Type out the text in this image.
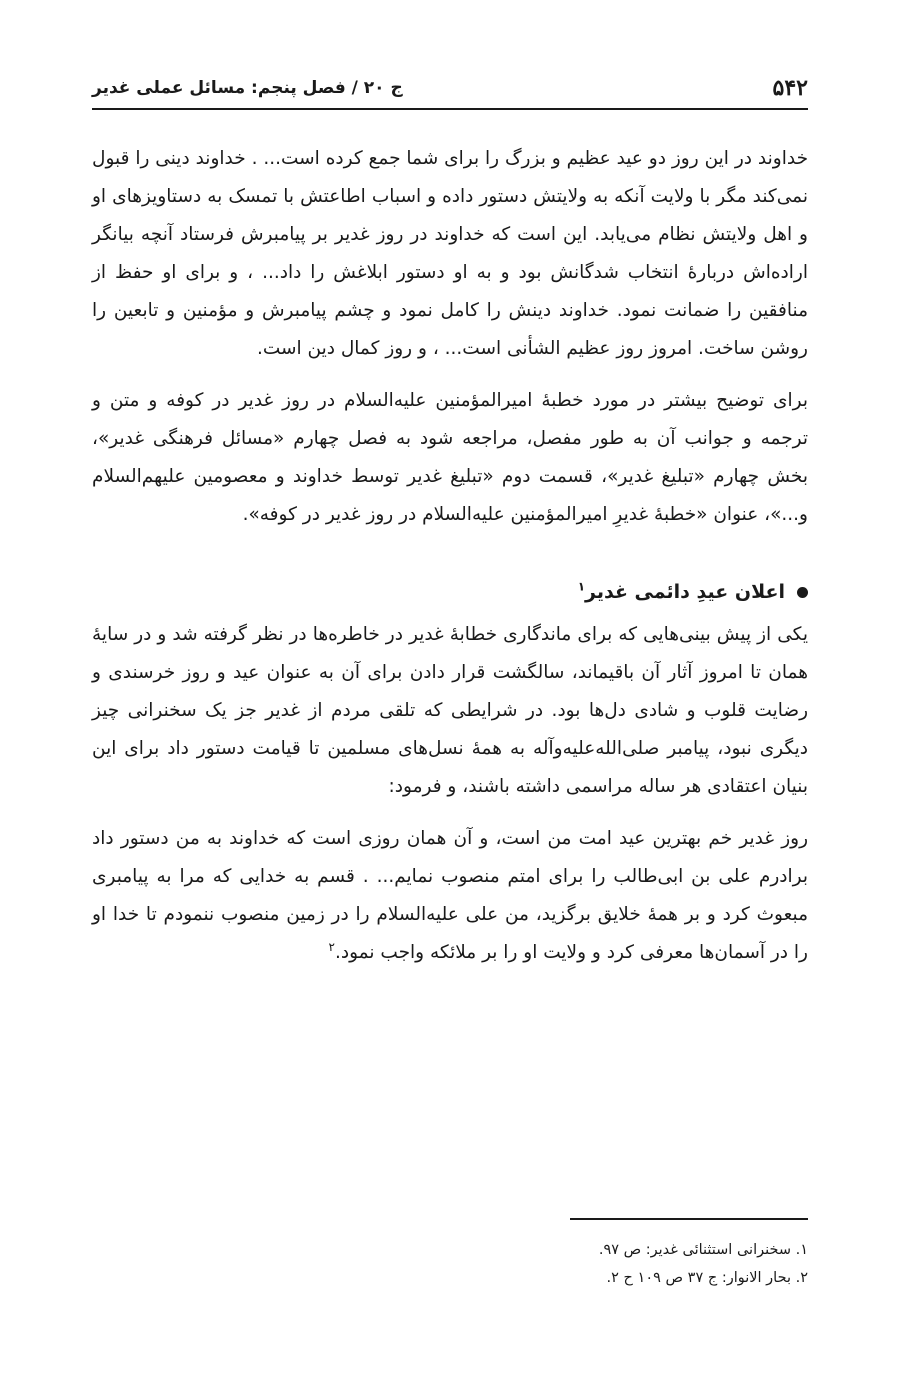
۵۴۲
ج ۲۰ / فصل پنجم: مسائل عملی غدیر

خداوند در این روز دو عید عظیم و بزرگ را برای شما جمع کرده است... . خداوند دینی را قبول نمی‌کند مگر با ولایت آنکه به ولایتش دستور داده و اسباب اطاعتش با تمسک به دستاویزهای او و اهل ولایتش نظام می‌یابد. این است که خداوند در روز غدیر بر پیامبرش فرستاد آنچه بیانگر اراده‌اش دربارهٔ انتخاب شدگانش بود و به او دستور ابلاغش را داد... ، و برای او حفظ از منافقین را ضمانت نمود. خداوند دینش را کامل نمود و چشم پیامبرش و مؤمنین و تابعین را روشن ساخت. امروز روز عظیم الشأنی است... ، و روز کمال دین است.

برای توضیح بیشتر در مورد خطبهٔ امیرالمؤمنین علیه‌السلام در روز غدیر در کوفه و متن و ترجمه و جوانب آن به طور مفصل، مراجعه شود به فصل چهارم «مسائل فرهنگی غدیر»، بخش چهارم «تبلیغ غدیر»، قسمت دوم «تبلیغ غدیر توسط خداوند و معصومین علیهم‌السلام و...»، عنوان «خطبهٔ غدیرِ امیرالمؤمنین علیه‌السلام در روز غدیر در کوفه».

اعلان عیدِ دائمی غدیر$^۱$

یکی از پیش بینی‌هایی که برای ماندگاری خطابهٔ غدیر در خاطره‌ها در نظر گرفته شد و در سایهٔ همان تا امروز آثار آن باقیماند، سالگشت قرار دادن برای آن به عنوان عید و روز خرسندی و رضایت قلوب و شادی دل‌ها بود. در شرایطی که تلقی مردم از غدیر جز یک سخنرانی چیز دیگری نبود، پیامبر صلی‌الله‌علیه‌وآله به همهٔ نسل‌های مسلمین تا قیامت دستور داد برای این بنیان اعتقادی هر ساله مراسمی داشته باشند، و فرمود:

روز غدیر خم بهترین عید امت من است، و آن همان روزی است که خداوند به من دستور داد برادرم علی بن ابی‌طالب را برای امتم منصوب نمایم... . قسم به خدایی که مرا به پیامبری مبعوث کرد و بر همهٔ خلایق برگزید، من علی علیه‌السلام را در زمین منصوب ننمودم تا خدا او را در آسمان‌ها معرفی کرد و ولایت او را بر ملائکه واجب نمود.$^۲$

۱. سخنرانی استثنائی غدیر: ص ۹۷.

۲. بحار الانوار: ج ۳۷ ص ۱۰۹ ح ۲.
